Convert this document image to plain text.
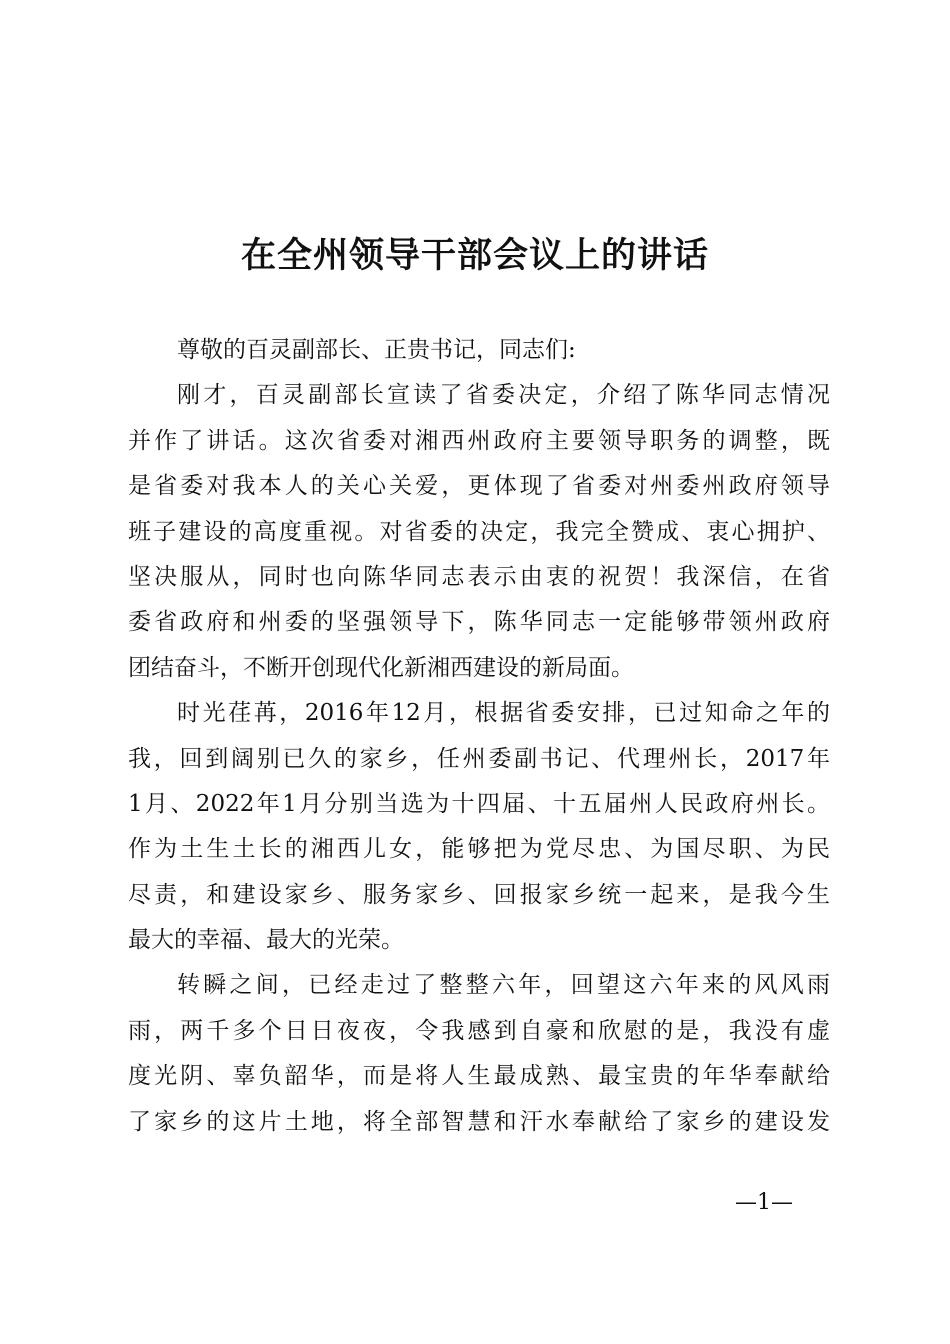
在全州领导干部会议上的讲话
尊敬的百灵副部长、正贵书记，同志们:
刚才，百灵副部长宣读了省委决定，介绍了陈华同志情况
并作了讲话。这次省委对湘西州政府主要领导职务的调整，既
是省委对我本人的关心关爱，更体现了省委对州委州政府领导
班子建设的高度重视。对省委的决定，我完全赞成、衷心拥护、
坚决服从，同时也向陈华同志表示由衷的祝贺！我深信，在省
委省政府和州委的坚强领导下，陈华同志一定能够带领州政府
团结奋斗，不断开创现代化新湘西建设的新局面。
时光荏苒，2016年12月，根据省委安排，已过知命之年的
我，回到阔别已久的家乡，任州委副书记、代理州长，2017年
1月、2022年1月分别当选为十四届、十五届州人民政府州长。
作为土生土长的湘西儿女，能够把为党尽忠、为国尽职、为民
尽责，和建设家乡、服务家乡、回报家乡统一起来，是我今生
最大的幸福、最大的光荣。
转瞬之间，已经走过了整整六年，回望这六年来的风风雨
雨，两千多个日日夜夜，令我感到自豪和欣慰的是，我没有虚
度光阴、辜负韶华，而是将人生最成熟、最宝贵的年华奉献给
了家乡的这片土地，将全部智慧和汗水奉献给了家乡的建设发
—1—
